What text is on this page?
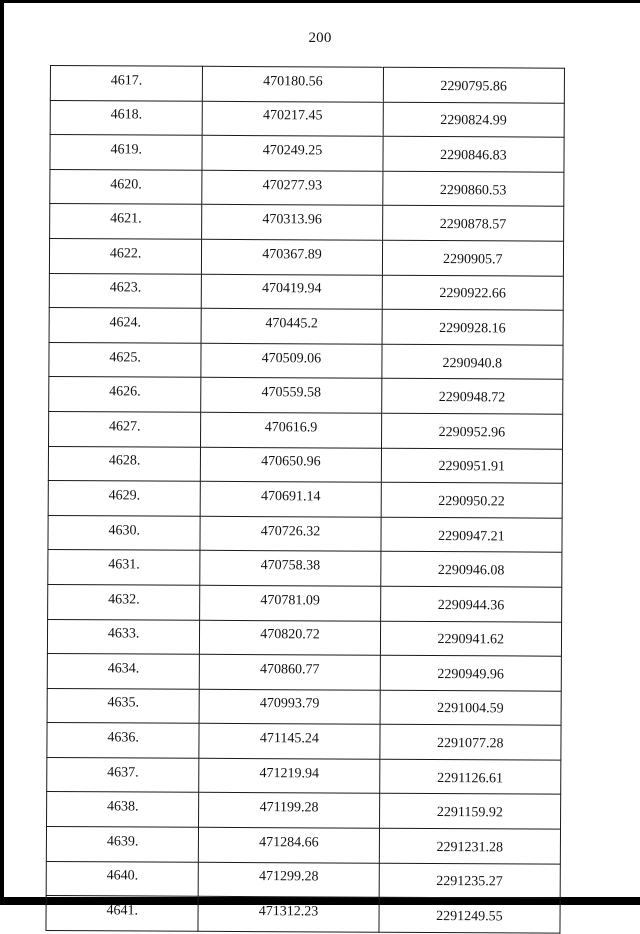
200
4617.	470180.56	2290795.86
4618.	470217.45	2290824.99
4619.	470249.25	2290846.83
4620.	470277.93	2290860.53
4621.	470313.96	2290878.57
4622.	470367.89	2290905.7
4623.	470419.94	2290922.66
4624.	470445.2	2290928.16
4625.	470509.06	2290940.8
4626.	470559.58	2290948.72
4627.	470616.9	2290952.96
4628.	470650.96	2290951.91
4629.	470691.14	2290950.22
4630.	470726.32	2290947.21
4631.	470758.38	2290946.08
4632.	470781.09	2290944.36
4633.	470820.72	2290941.62
4634.	470860.77	2290949.96
4635.	470993.79	2291004.59
4636.	471145.24	2291077.28
4637.	471219.94	2291126.61
4638.	471199.28	2291159.92
4639.	471284.66	2291231.28
4640.	471299.28	2291235.27
4641.	471312.23	2291249.55
